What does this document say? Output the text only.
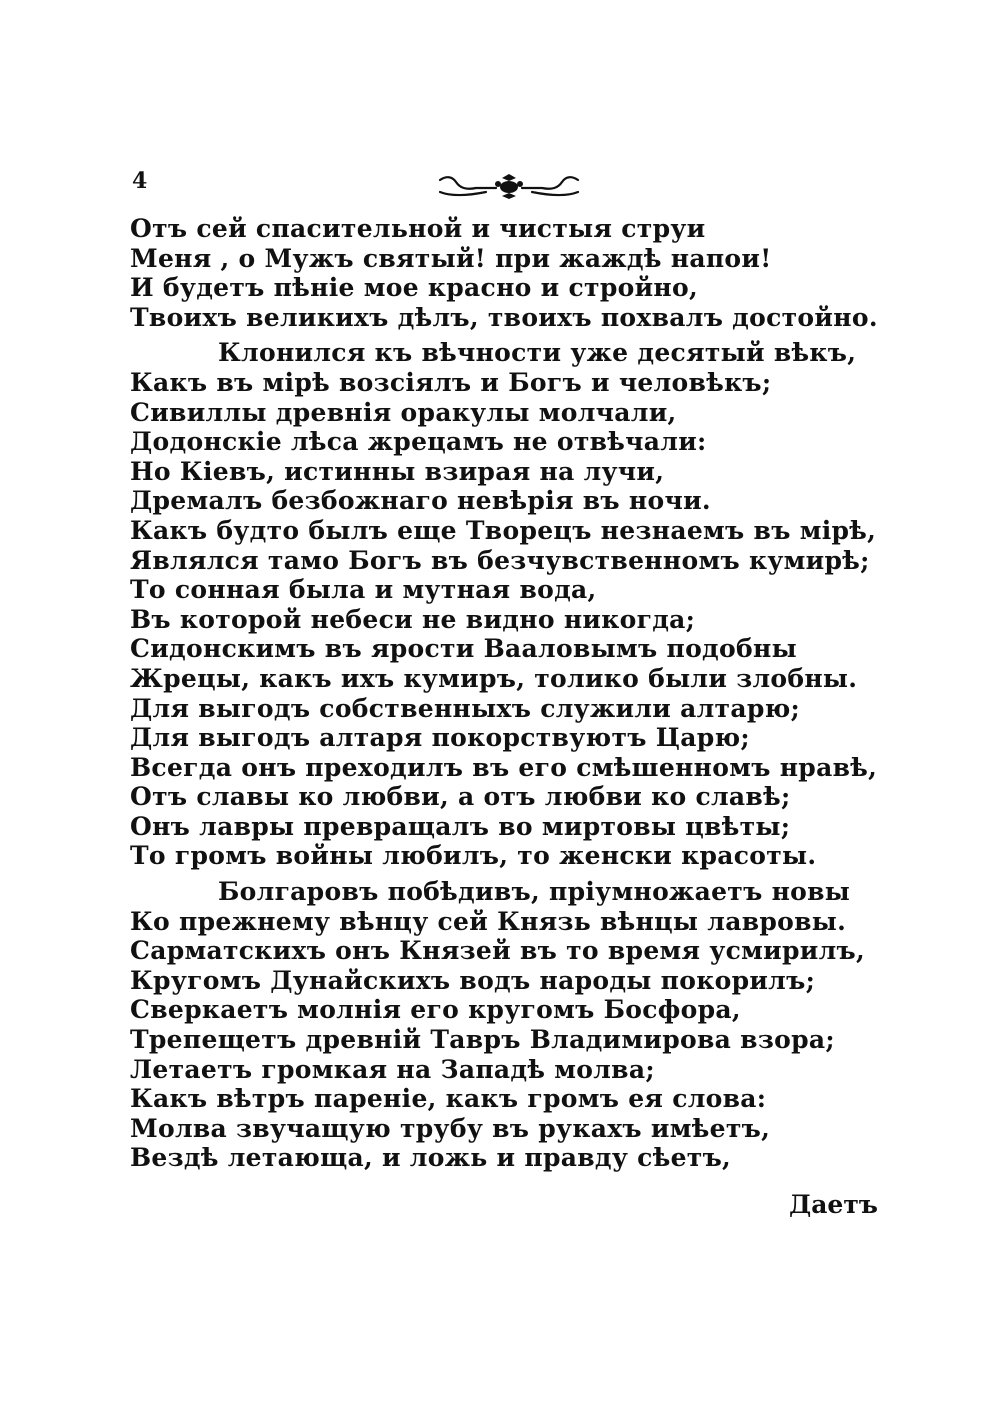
4
Отъ сей спасительной и чистыя струи
Меня , о Мужъ святый! при жаждѣ напои!
И будетъ пѣніе мое красно и стройно,
Твоихъ великихъ дѣлъ, твоихъ похвалъ достойно.
Клонился къ вѣчности уже десятый вѣкъ,
Какъ въ мірѣ возсіялъ и Богъ и человѣкъ;
Сивиллы древнія оракулы молчали,
Додонскіе лѣса жрецамъ не отвѣчали:
Но Кіевъ, истинны взирая на лучи,
Дремалъ безбожнаго невѣрія въ ночи.
Какъ будто былъ еще Творецъ незнаемъ въ мірѣ,
Являлся тамо Богъ въ безчувственномъ кумирѣ;
То сонная была и мутная вода,
Въ которой небеси не видно никогда;
Сидонскимъ въ ярости Вааловымъ подобны
Жрецы, какъ ихъ кумиръ, толико были злобны.
Для выгодъ собственныхъ служили алтарю;
Для выгодъ алтаря покорствуютъ Царю;
Всегда онъ преходилъ въ его смѣшенномъ нравѣ,
Отъ славы ко любви, а отъ любви ко славѣ;
Онъ лавры превращалъ во миртовы цвѣты;
То громъ войны любилъ, то женски красоты.
Болгаровъ побѣдивъ, пріумножаетъ новы
Ко прежнему вѣнцу сей Князь вѣнцы лавровы.
Сарматскихъ онъ Князей въ то время усмирилъ,
Кругомъ Дунайскихъ водъ народы покорилъ;
Сверкаетъ молнія его кругомъ Босфора,
Трепещетъ древній Тавръ Владимирова взора;
Летаетъ громкая на Западѣ молва;
Какъ вѣтръ пареніе, какъ громъ ея слова:
Молва звучащую трубу въ рукахъ имѣетъ,
Вездѣ летающа, и ложь и правду сѣетъ,
Даетъ
